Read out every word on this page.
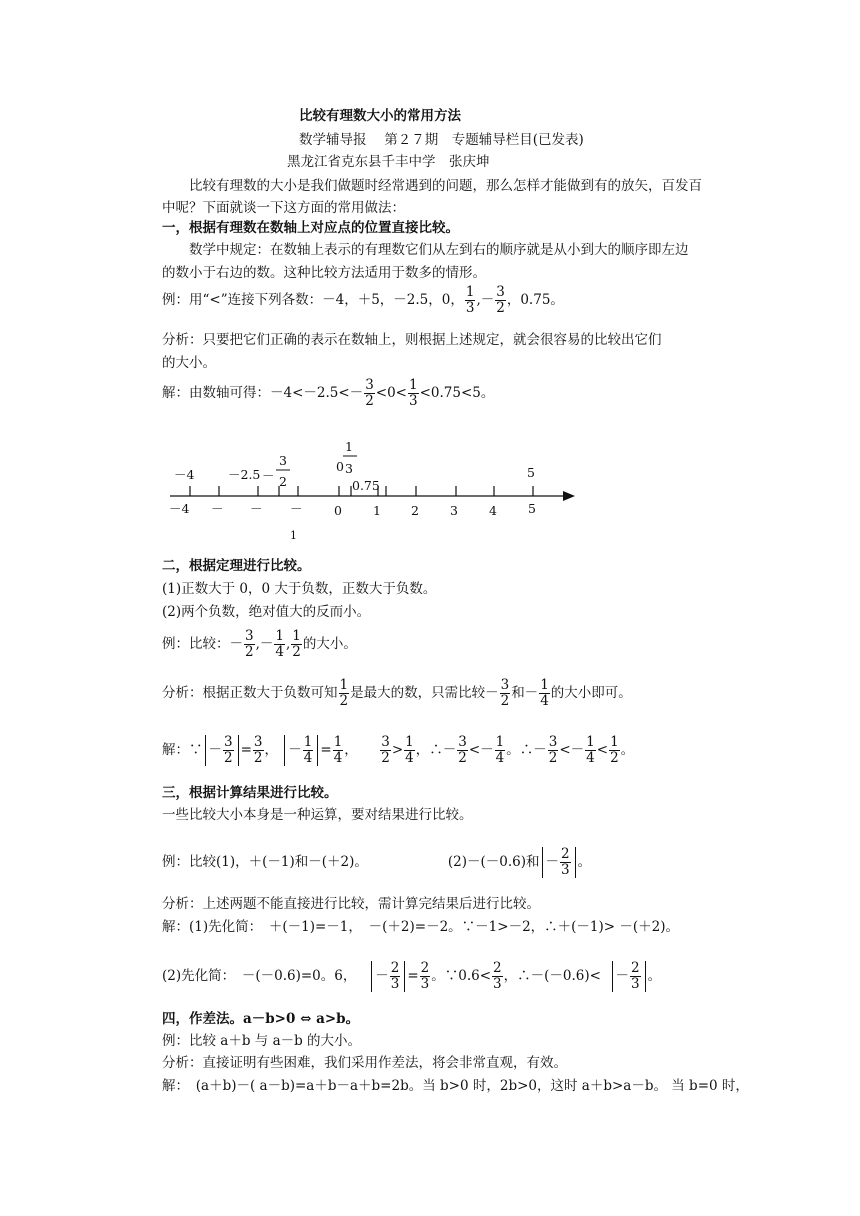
比较有理数大小的常用方法
数学辅导报　 第２７期　专题辅导栏目(已发表)
黑龙江省克东县千丰中学　张庆坤
比较有理数的大小是我们做题时经常遇到的问题，那么怎样才能做到有的放矢，百发百
中呢？下面就谈一下这方面的常用做法：
一，根据有理数在数轴上对应点的位置直接比较。
数学中规定：在数轴上表示的有理数它们从左到右的顺序就是从小到大的顺序即左边
的数小于右边的数。这种比较方法适用于数多的情形。
例：用“<”连接下列各数：－4，＋5，－2.5，0， $\frac{1}{3}$ ,－ $\frac{3}{2}$ ，0.75。
分析：只要把它们正确的表示在数轴上，则根据上述规定，就会很容易的比较出它们
的大小。
解：由数轴可得：$-4<-2.5<- \frac{3}{2} <0< \frac{1}{3} <0.75<5$。
－4	－2.5 －
3
2
1
3
0
0.75
5
－4 － － －	0 1 2 3 4 5
1
二，根据定理进行比较。
(1)正数大于 0，0 大于负数，正数大于负数。
(2)两个负数，绝对值大的反而小。
例：比较：－ $\frac{3}{2}$ ,－ $\frac{1}{4}$ , $\frac{1}{2}$ 的大小。
分析：根据正数大于负数可知 $\frac{1}{2}$ 是最大的数，只需比较－ $\frac{3}{2}$ 和－ $\frac{1}{4}$ 的大小即可。
解：∵ － $\frac{3}{2} = \frac{3}{2}$ ， － $\frac{1}{4} = \frac{1}{4}$ ， $\frac{3}{2} > \frac{1}{4}$ ，∴－ $\frac{3}{2} <- \frac{1}{4}$ 。∴－ $\frac{3}{2} <- \frac{1}{4} < \frac{1}{2}$ 。
三，根据计算结果进行比较。
一些比较大小本身是一种运算，要对结果进行比较。
例：比较(1)，＋(－1)和－(＋2)。	(2)－(－0.6)和 － $\frac{2}{3}$ 。
分析：上述两题不能直接进行比较，需计算完结果后进行比较。
解：(1)先化简：　＋(－1)=－1，　－(＋2)=－2。∵－1>－2，∴＋(－1)> －(＋2)。
(2)先化简：　－(－0.6)=0。6， － $\frac{2}{3} = \frac{2}{3}$ 。∵0.6< $\frac{2}{3}$ ，∴－(－0.6)< － $\frac{2}{3}$ 。
四，作差法。a－b>0 ⇔ a>b。
例：比较 a＋b 与 a－b 的大小。
分析：直接证明有些困难，我们采用作差法，将会非常直观，有效。
解：　(a＋b)－( a－b)=a＋b－a＋b=2b。当 b>0 时，2b>0，这时 a＋b>a－b。 当 b=0 时，
